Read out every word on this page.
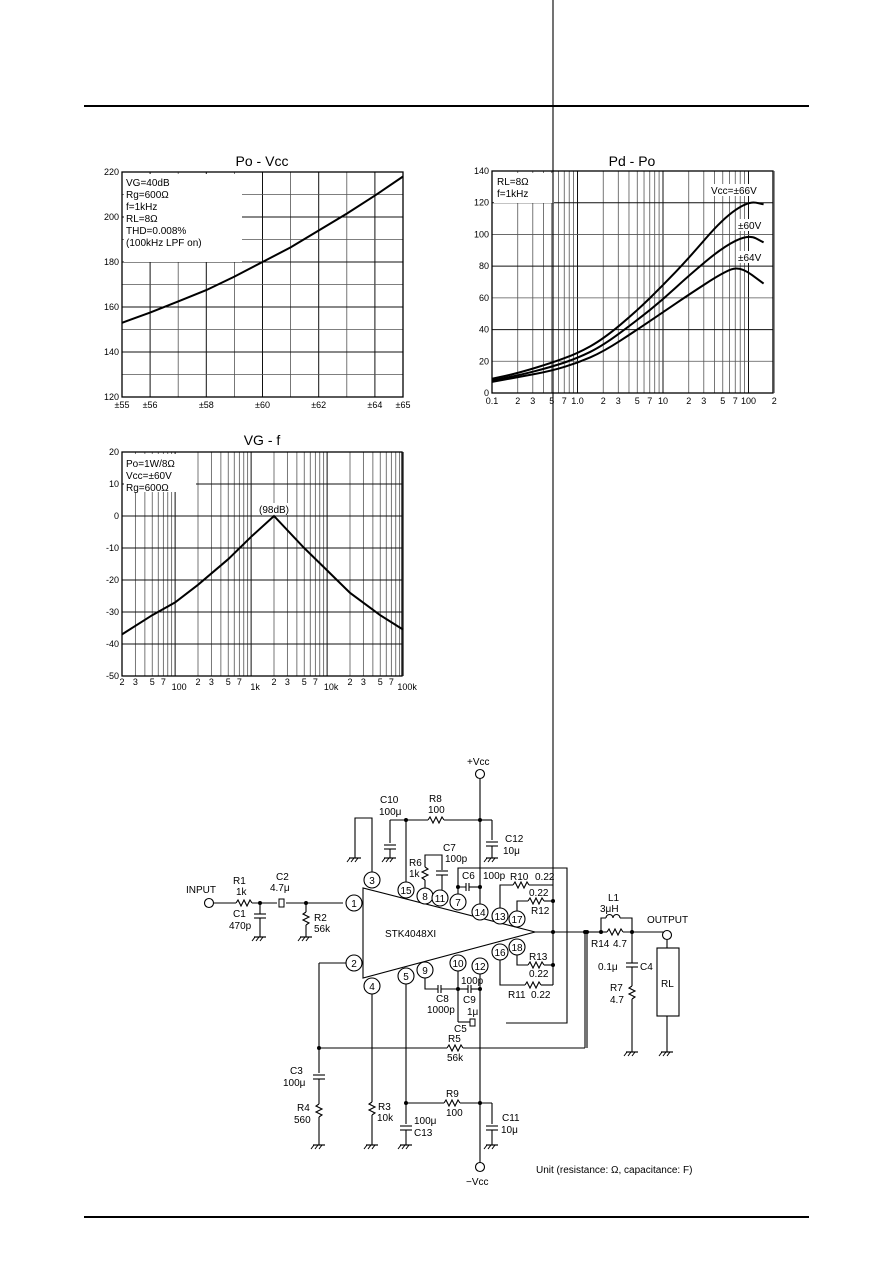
Po - Vcc
220
200
180
160
140
120
±55 ±56	±58	±60	±62	±64 ±65
VG=40dB
Rg=600Ω
f=1kHz
RL=8Ω
THD=0.008%
(100kHz LPF on)
Pd - Po
140
120
100
80
60
40
20
0
0.1 2 3 5 7 1.0 2 3 5 7 10 2 3 5 7 100 2
RL=8Ω
f=1kHz	Vcc=±66V
±60V
±64V
VG - f
20
10
0
-10
-20
-30
-40
-50
2 3 5 7 100 2 3 5 7 1k 2 3 5 7 10k 2 3 5 7 100k
Po=1W/8Ω
Vcc=±60V
Rg=600Ω
(98dB)
STK4048XI
INPUT
R1
1k
C1
470p
C2
4.7μ
R2
56k
1
2
3
4
R3
10k
15
C10
100μ
R8
100
+Vcc
C12
10μ
8
R6
1k
C7
100p
11 7
C6 100p
14 13
R10 0.22
17
0.22
R12
16
R11 0.22
18
R13
0.22
5
9
C8
1000p
10
100p
C9
1μ
12
C5
R5
56k
C3
100μ
R4
560
R9
100
100μ
C13
C11
10μ
−Vcc
L1
3μH
R14 4.7
0.1μ C4
R7
4.7
OUTPUT
RL
Unit (resistance: Ω, capacitance: F)
